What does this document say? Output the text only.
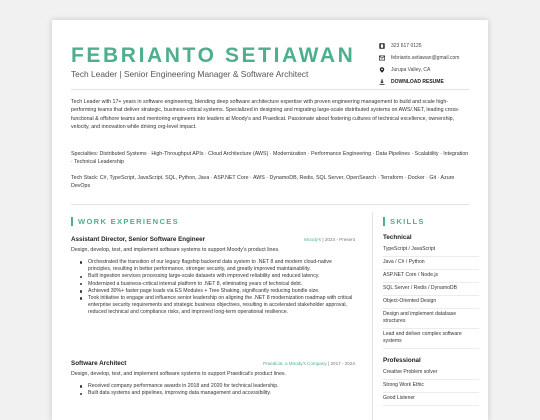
FEBRIANTO SETIAWAN
Tech Leader | Senior Engineering Manager & Software Architect
323 617 0125
febrianto.setiawan@gmail.com
Jurupa Valley, CA
DOWNLOAD RESUME
Tech Leader with 17+ years in software engineering, blending deep software architecture expertise with proven engineering management to build and scale high-performing teams that deliver strategic, business-critical systems. Specialized in designing and migrating large-scale distributed systems on AWS/.NET, leading cross-functional & offshore teams and mentoring engineers into leaders at Moody's and Praedicat. Passionate about fostering cultures of technical excellence, ownership, velocity, and innovation while driving org-level impact.
Specialties: Distributed Systems · High-Throughput APIs · Cloud Architecture (AWS) · Modernization · Performance Engineering · Data Pipelines · Scalability · Integration · Technical Leadership
Tech Stack: C#, TypeScript, JavaScript, SQL, Python, Java · ASP.NET Core · AWS · DynamoDB, Redis, SQL Server, OpenSearch · Terraform · Docker · Git · Azure DevOps
WORK EXPERIENCES	SKILLS
Assistant Director, Senior Software Engineer	Moody's | 2024 - Present
Design, develop, test, and implement software systems to support Moody's product lines.
Orchestrated the transition of our legacy flagship backend data system to .NET 8 and modern cloud-native principles, resulting in better performance, stronger security, and greatly improved maintainability.
Built ingestion services processing large-scale datasets with improved reliability and reduced latency.
Modernized a business-critical internal platform to .NET 8, eliminating years of technical debt.
Achieved 30%+ faster page loads via ES Modules + Tree Shaking, significantly reducing bundle size.
Took initiative to engage and influence senior leadership on aligning the .NET 8 modernization roadmap with critical enterprise security requirements and strategic business objectives, resulting in accelerated stakeholder approval, reduced technical and compliance risks, and improved long-term operational resilience.
Software Architect	Praedicat, a Moody's Company | 2017 - 2024
Design, develop, test, and implement software systems to support Praedicat's product lines.
Received company performance awards in 2018 and 2020 for technical leadership.
Built data systems and pipelines, improving data management and accessibility.
Technical
TypeScript / JavaScript
Java / C# / Python
ASP.NET Core / Node.js
SQL Server / Redis / DynamoDB
Object-Oriented Design
Design and implement database structures
Lead and deliver complex software systems
Professional
Creative Problem solver
Strong Work Ethic
Good Listener
